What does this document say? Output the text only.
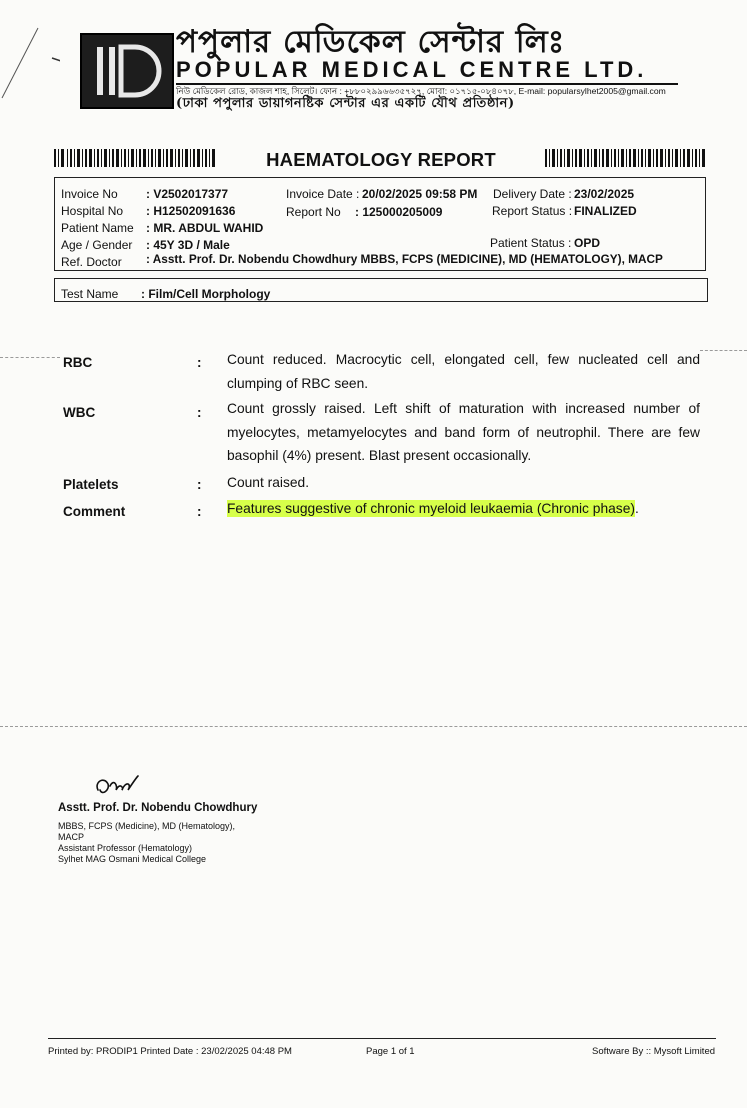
পপুলার মেডিকেল সেন্টার লিঃ
POPULAR MEDICAL CENTRE LTD.
নিউ মেডিকেল রোড, কাজল শাহ, সিলেট। ফোন : +৮৮০২৯৯৬৬৩৫৭২৭, মোবা: ০১৭১৫-০৮৪০৭৮, E-mail: popularsylhet2005@gmail.com
(ঢাকা পপুলার ডায়াগনষ্টিক সেন্টার এর একটি যৌথ প্রতিষ্ঠান)
HAEMATOLOGY REPORT
Invoice No : V2502017377
Hospital No : H12502091636
Patient Name : MR. ABDUL WAHID
Age / Gender : 45Y 3D / Male
Ref. Doctor : Asstt. Prof. Dr. Nobendu Chowdhury MBBS, FCPS (MEDICINE), MD (HEMATOLOGY), MACP
Invoice Date : 20/02/2025 09:58 PM
Report No : 125000205009
Delivery Date : 23/02/2025
Report Status : FINALIZED
Patient Status : OPD
Test Name : Film/Cell Morphology
RBC	: Count reduced. Macrocytic cell, elongated cell, few nucleated cell and clumping of RBC seen.
WBC	: Count grossly raised. Left shift of maturation with increased number of myelocytes, metamyelocytes and band form of neutrophil. There are few basophil (4%) present. Blast present occasionally.
Platelets	: Count raised.
Comment	: Features suggestive of chronic myeloid leukaemia (Chronic phase).
Asstt. Prof. Dr. Nobendu Chowdhury
MBBS, FCPS (Medicine), MD (Hematology),
MACP
Assistant Professor (Hematology)
Sylhet MAG Osmani Medical College
Printed by: PRODIP1 Printed Date : 23/02/2025 04:48 PM	Page 1 of 1	Software By :: Mysoft Limited
